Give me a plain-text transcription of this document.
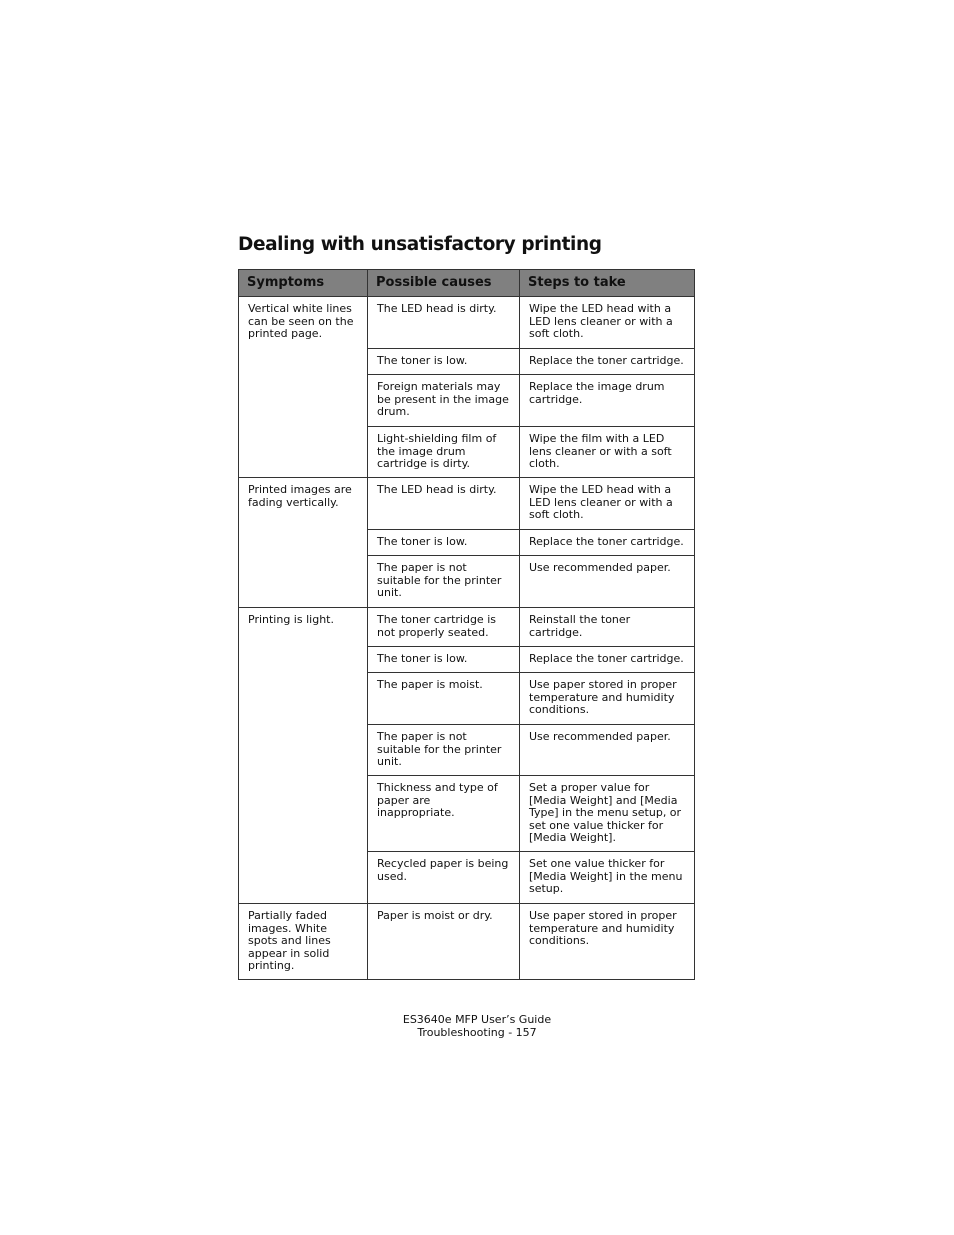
Dealing with unsatisfactory printing
Symptoms	Possible causes	Steps to take
Vertical white lines can be seen on the printed page.	The LED head is dirty.	Wipe the LED head with a LED lens cleaner or with a soft cloth.
	The toner is low.	Replace the toner cartridge.
	Foreign materials may be present in the image drum.	Replace the image drum cartridge.
	Light-shielding film of the image drum cartridge is dirty.	Wipe the film with a LED lens cleaner or with a soft cloth.
Printed images are fading vertically.	The LED head is dirty.	Wipe the LED head with a LED lens cleaner or with a soft cloth.
	The toner is low.	Replace the toner cartridge.
	The paper is not suitable for the printer unit.	Use recommended paper.
Printing is light.	The toner cartridge is not properly seated.	Reinstall the toner cartridge.
	The toner is low.	Replace the toner cartridge.
	The paper is moist.	Use paper stored in proper temperature and humidity conditions.
	The paper is not suitable for the printer unit.	Use recommended paper.
	Thickness and type of paper are inappropriate.	Set a proper value for [Media Weight] and [Media Type] in the menu setup, or set one value thicker for [Media Weight].
	Recycled paper is being used.	Set one value thicker for [Media Weight] in the menu setup.
Partially faded images. White spots and lines appear in solid printing.	Paper is moist or dry.	Use paper stored in proper temperature and humidity conditions.
ES3640e MFP User’s Guide
Troubleshooting - 157
